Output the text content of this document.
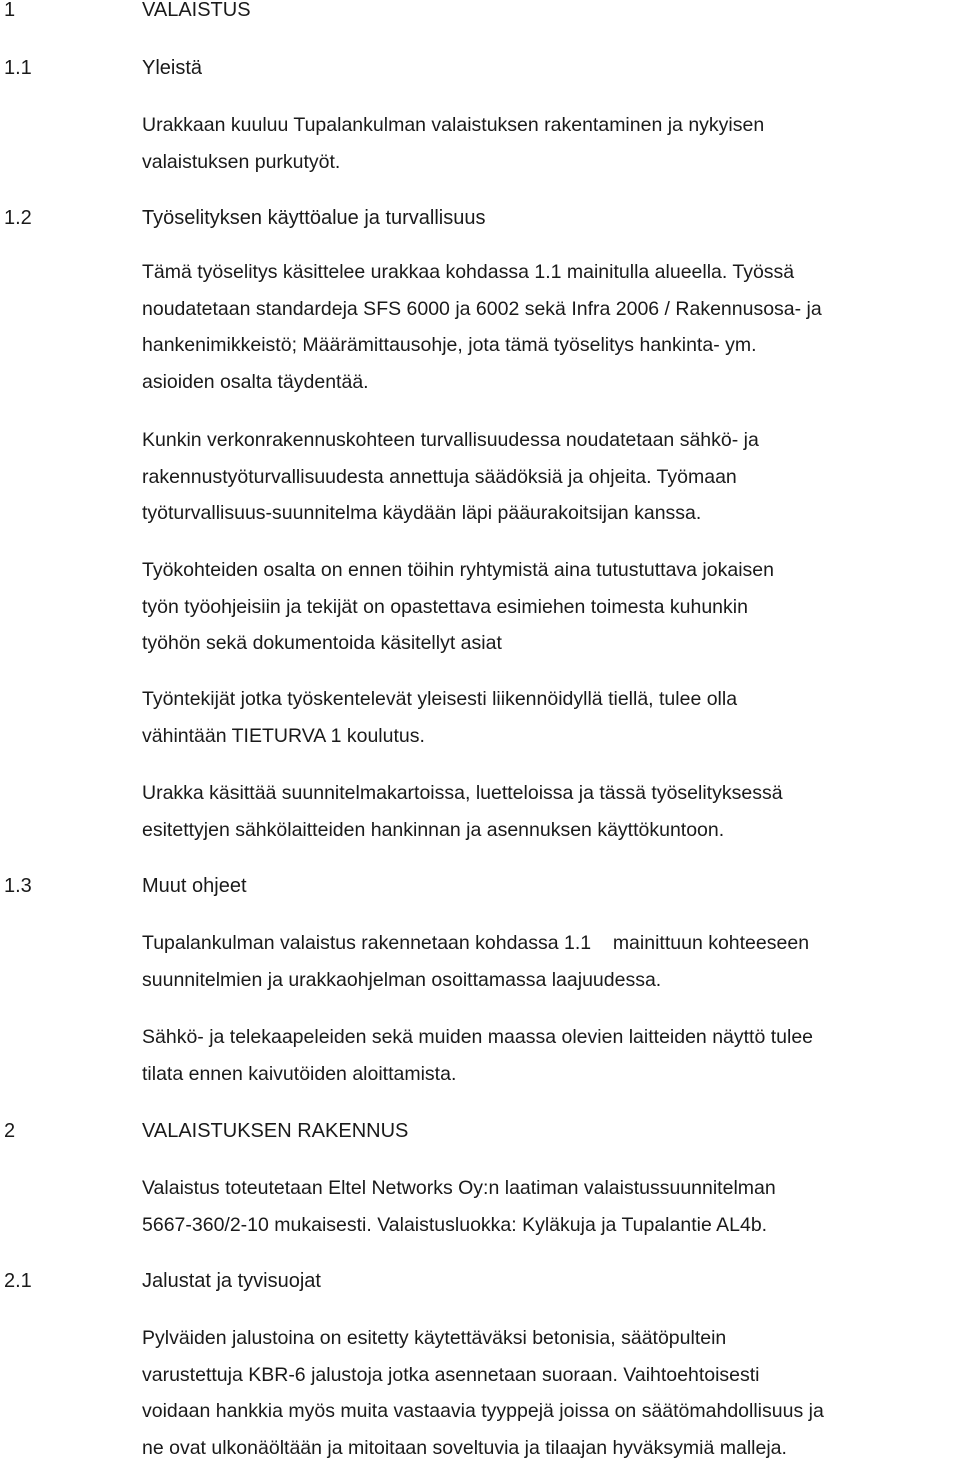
1	VALAISTUS
1.1	Yleistä
Urakkaan kuuluu Tupalankulman valaistuksen rakentaminen ja nykyisen
valaistuksen purkutyöt.
1.2	Työselityksen käyttöalue ja turvallisuus
Tämä työselitys käsittelee urakkaa kohdassa 1.1 mainitulla alueella. Työssä
noudatetaan standardeja SFS 6000 ja 6002 sekä Infra 2006 / Rakennusosa- ja
hankenimikkeistö; Määrämittausohje, jota tämä työselitys hankinta- ym.
asioiden osalta täydentää.
Kunkin verkonrakennuskohteen turvallisuudessa noudatetaan sähkö- ja
rakennustyöturvallisuudesta annettuja säädöksiä ja ohjeita. Työmaan
työturvallisuus-suunnitelma käydään läpi pääurakoitsijan kanssa.
Työkohteiden osalta on ennen töihin ryhtymistä aina tutustuttava jokaisen
työn työohjeisiin ja tekijät on opastettava esimiehen toimesta kuhunkin
työhön sekä dokumentoida käsitellyt asiat
Työntekijät jotka työskentelevät yleisesti liikennöidyllä tiellä, tulee olla
vähintään TIETURVA 1 koulutus.
Urakka käsittää suunnitelmakartoissa, luetteloissa ja tässä työselityksessä
esitettyjen sähkölaitteiden hankinnan ja asennuksen käyttökuntoon.
1.3	Muut ohjeet
Tupalankulman valaistus rakennetaan kohdassa 1.1    mainittuun kohteeseen
suunnitelmien ja urakkaohjelman osoittamassa laajuudessa.
Sähkö- ja telekaapeleiden sekä muiden maassa olevien laitteiden näyttö tulee
tilata ennen kaivutöiden aloittamista.
2	VALAISTUKSEN RAKENNUS
Valaistus toteutetaan Eltel Networks Oy:n laatiman valaistussuunnitelman
5667-360/2-10 mukaisesti. Valaistusluokka: Kyläkuja ja Tupalantie AL4b.
2.1	Jalustat ja tyvisuojat
Pylväiden jalustoina on esitetty käytettäväksi betonisia, säätöpultein
varustettuja KBR-6 jalustoja jotka asennetaan suoraan. Vaihtoehtoisesti
voidaan hankkia myös muita vastaavia tyyppejä joissa on säätömahdollisuus ja
ne ovat ulkonäöltään ja mitoitaan soveltuvia ja tilaajan hyväksymiä malleja.
